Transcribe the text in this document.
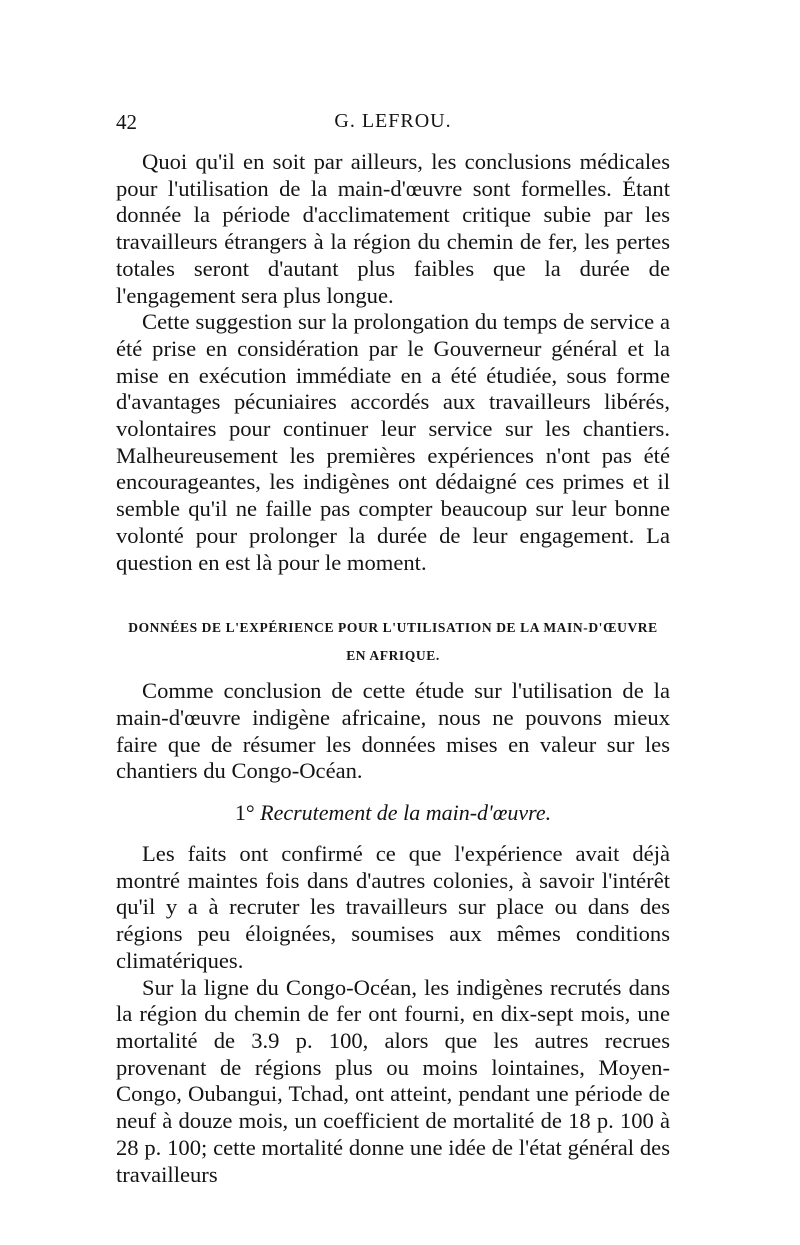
42	G. LEFROU.

Quoi qu'il en soit par ailleurs, les conclusions médicales pour l'utilisation de la main-d'œuvre sont formelles. Étant donnée la période d'acclimatement critique subie par les travailleurs étrangers à la région du chemin de fer, les pertes totales seront d'autant plus faibles que la durée de l'engagement sera plus longue.

Cette suggestion sur la prolongation du temps de service a été prise en considération par le Gouverneur général et la mise en exécution immédiate en a été étudiée, sous forme d'avantages pécuniaires accordés aux travailleurs libérés, volontaires pour continuer leur service sur les chantiers. Malheureusement les premières expériences n'ont pas été encourageantes, les indigènes ont dédaigné ces primes et il semble qu'il ne faille pas compter beaucoup sur leur bonne volonté pour prolonger la durée de leur engagement. La question en est là pour le moment.

DONNÉES DE L'EXPÉRIENCE POUR L'UTILISATION DE LA MAIN-D'ŒUVRE
EN AFRIQUE.

Comme conclusion de cette étude sur l'utilisation de la main-d'œuvre indigène africaine, nous ne pouvons mieux faire que de résumer les données mises en valeur sur les chantiers du Congo-Océan.

1° Recrutement de la main-d'œuvre.

Les faits ont confirmé ce que l'expérience avait déjà montré maintes fois dans d'autres colonies, à savoir l'intérêt qu'il y a à recruter les travailleurs sur place ou dans des régions peu éloignées, soumises aux mêmes conditions climatériques.

Sur la ligne du Congo-Océan, les indigènes recrutés dans la région du chemin de fer ont fourni, en dix-sept mois, une mortalité de 3.9 p. 100, alors que les autres recrues provenant de régions plus ou moins lointaines, Moyen-Congo, Oubangui, Tchad, ont atteint, pendant une période de neuf à douze mois, un coefficient de mortalité de 18 p. 100 à 28 p. 100; cette mortalité donne une idée de l'état général des travailleurs
